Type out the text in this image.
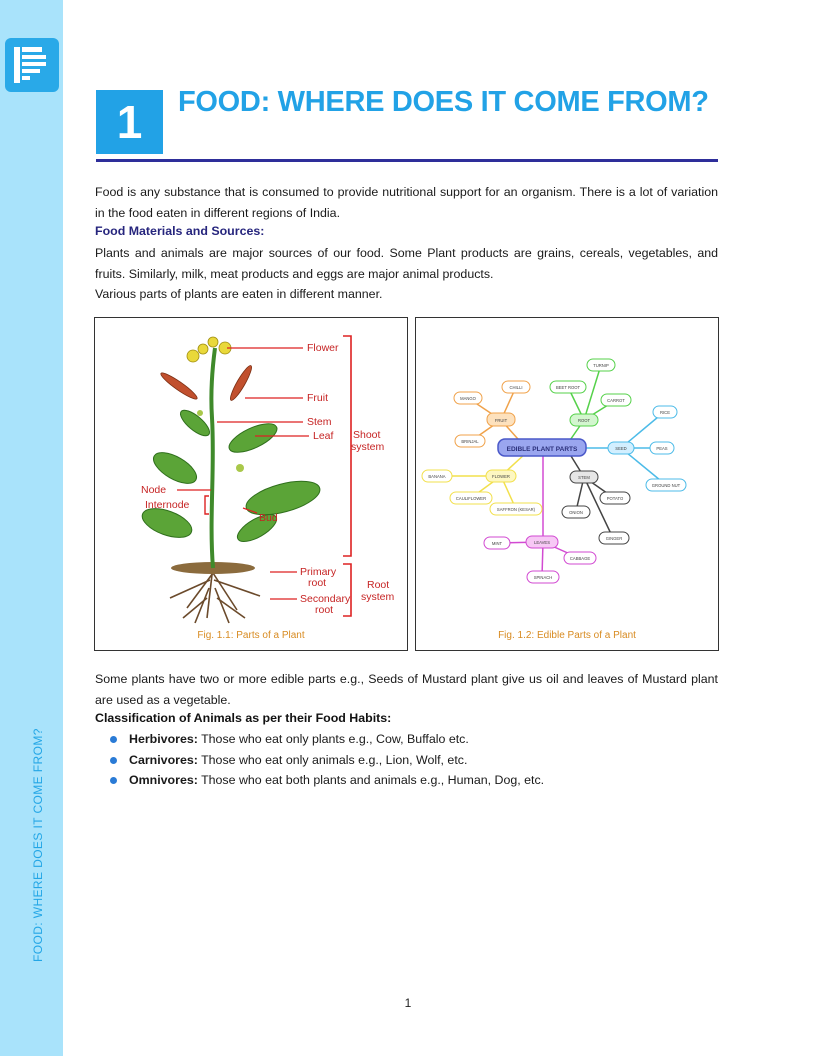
FOOD: WHERE DOES IT COME FROM?
1	FOOD: WHERE DOES IT COME FROM?

Food is any substance that is consumed to provide nutritional support for an organism. There is a lot of variation in the food eaten in different regions of India.

Food Materials and Sources:

Plants and animals are major sources of our food. Some Plant products are grains, cereals, vegetables, and fruits. Similarly, milk, meat products and eggs are major animal products.

Various parts of plants are eaten in different manner.

Flower
Fruit
Stem
Leaf
Node
Internode
Bud
Shoot
system
Primary
root
Secondary
root
Root
system
Fig. 1.1: Parts of a Plant
EDIBLE PLANT PARTS
FRUIT
MANGO
CHILLI
BRINJAL
ROOT
TURNIP
BEET ROOT
CARROT
SEED
RICE
PEAS
GROUND NUT
FLOWER
BANANA
CAULIFLOWER
SAFFRON (KESAR)
STEM
POTATO
ONION
GINGER
LEAVES
MINT
CABBAGE
SPINACH
Fig. 1.2: Edible Parts of a Plant

Some plants have two or more edible parts e.g., Seeds of Mustard plant give us oil and leaves of Mustard plant are used as a vegetable.

Classification of Animals as per their Food Habits:
Herbivores: Those who eat only plants e.g., Cow, Buffalo etc.
Carnivores: Those who eat only animals e.g., Lion, Wolf, etc.
Omnivores: Those who eat both plants and animals e.g., Human, Dog, etc.
1
